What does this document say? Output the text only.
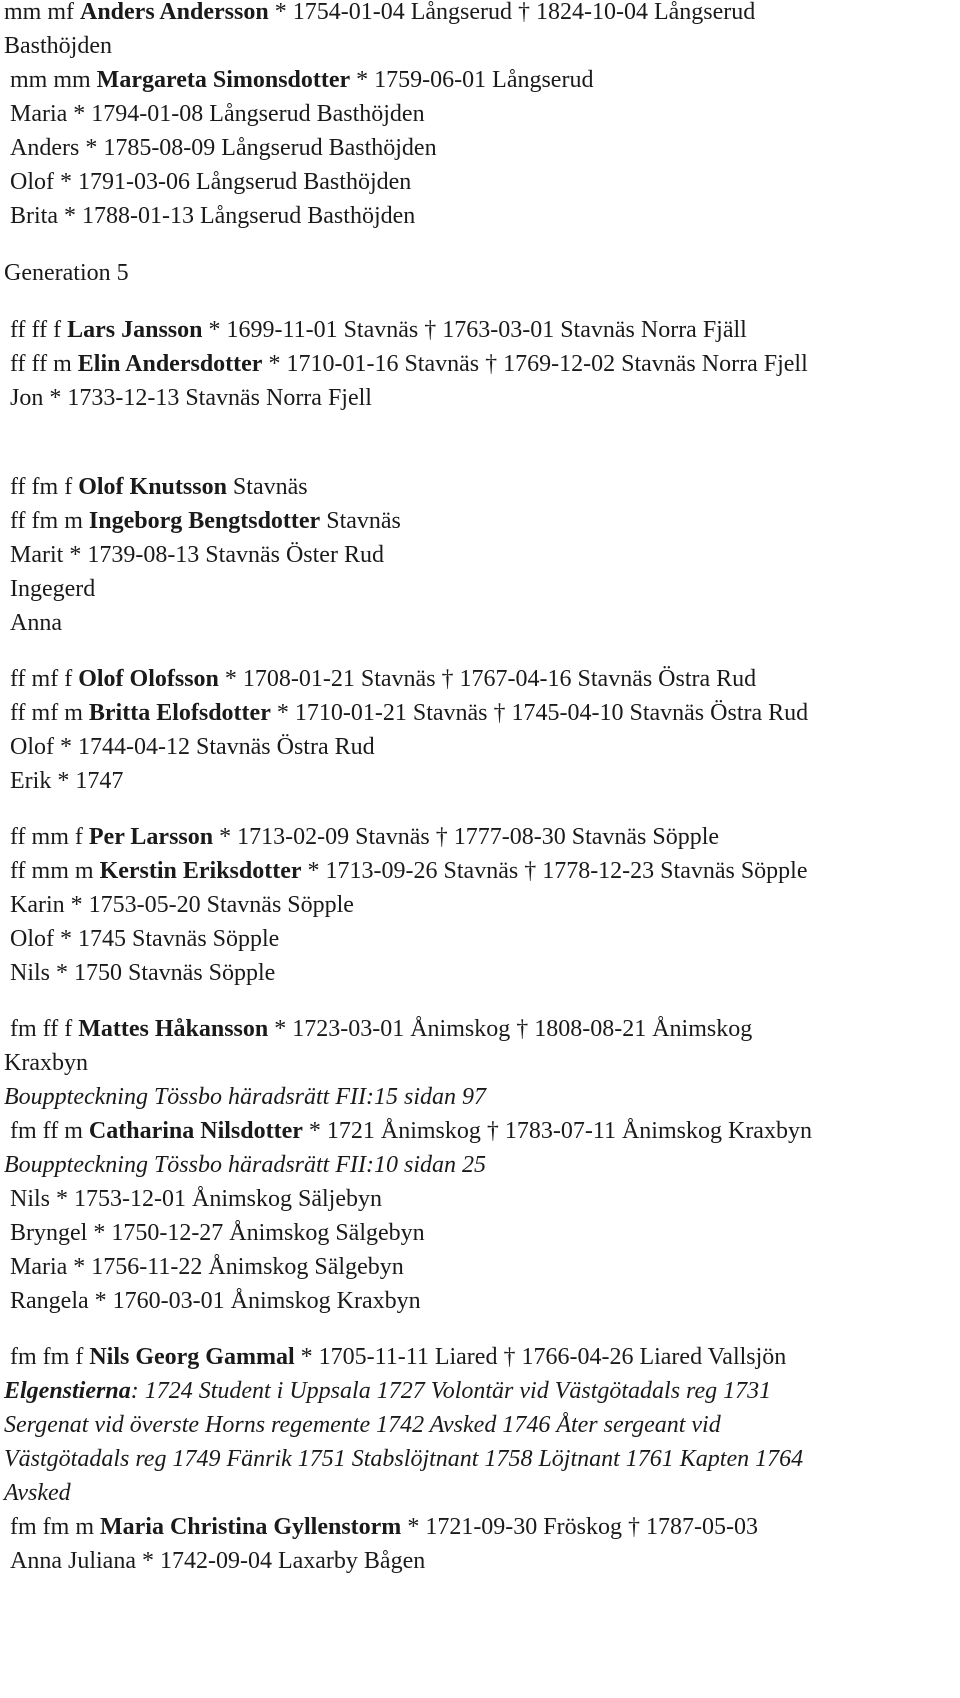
mm mf Anders Andersson * 1754-01-04 Långserud † 1824-10-04 Långserud
Basthöjden
mm mm Margareta Simonsdotter * 1759-06-01 Långserud
Maria * 1794-01-08 Långserud Basthöjden
Anders * 1785-08-09 Långserud Basthöjden
Olof * 1791-03-06 Långserud Basthöjden
Brita * 1788-01-13 Långserud Basthöjden
Generation 5
ff ff f Lars Jansson * 1699-11-01 Stavnäs † 1763-03-01 Stavnäs Norra Fjäll
ff ff m Elin Andersdotter * 1710-01-16 Stavnäs † 1769-12-02 Stavnäs Norra Fjell
Jon * 1733-12-13 Stavnäs Norra Fjell
ff fm f Olof Knutsson Stavnäs
ff fm m Ingeborg Bengtsdotter Stavnäs
Marit * 1739-08-13 Stavnäs Öster Rud
Ingegerd
Anna
ff mf f Olof Olofsson * 1708-01-21 Stavnäs † 1767-04-16 Stavnäs Östra Rud
ff mf m Britta Elofsdotter * 1710-01-21 Stavnäs † 1745-04-10 Stavnäs Östra Rud
Olof * 1744-04-12 Stavnäs Östra Rud
Erik * 1747
ff mm f Per Larsson * 1713-02-09 Stavnäs † 1777-08-30 Stavnäs Söpple
ff mm m Kerstin Eriksdotter * 1713-09-26 Stavnäs † 1778-12-23 Stavnäs Söpple
Karin * 1753-05-20 Stavnäs Söpple
Olof * 1745 Stavnäs Söpple
Nils * 1750 Stavnäs Söpple
fm ff f Mattes Håkansson * 1723-03-01 Ånimskog † 1808-08-21 Ånimskog
Kraxbyn
Bouppteckning Tössbo häradsrätt FII:15 sidan 97
fm ff m Catharina Nilsdotter * 1721 Ånimskog † 1783-07-11 Ånimskog Kraxbyn
Bouppteckning Tössbo häradsrätt FII:10 sidan 25
Nils * 1753-12-01 Ånimskog Säljebyn
Bryngel * 1750-12-27 Ånimskog Sälgebyn
Maria * 1756-11-22 Ånimskog Sälgebyn
Rangela * 1760-03-01 Ånimskog Kraxbyn
fm fm f Nils Georg Gammal * 1705-11-11 Liared † 1766-04-26 Liared Vallsjön
Elgenstierna: 1724 Student i Uppsala 1727 Volontär vid Västgötadals reg 1731
Sergenat vid överste Horns regemente 1742 Avsked 1746 Åter sergeant vid
Västgötadals reg 1749 Fänrik 1751 Stabslöjtnant 1758 Löjtnant 1761 Kapten 1764
Avsked
fm fm m Maria Christina Gyllenstorm * 1721-09-30 Fröskog † 1787-05-03
Anna Juliana * 1742-09-04 Laxarby Bågen
